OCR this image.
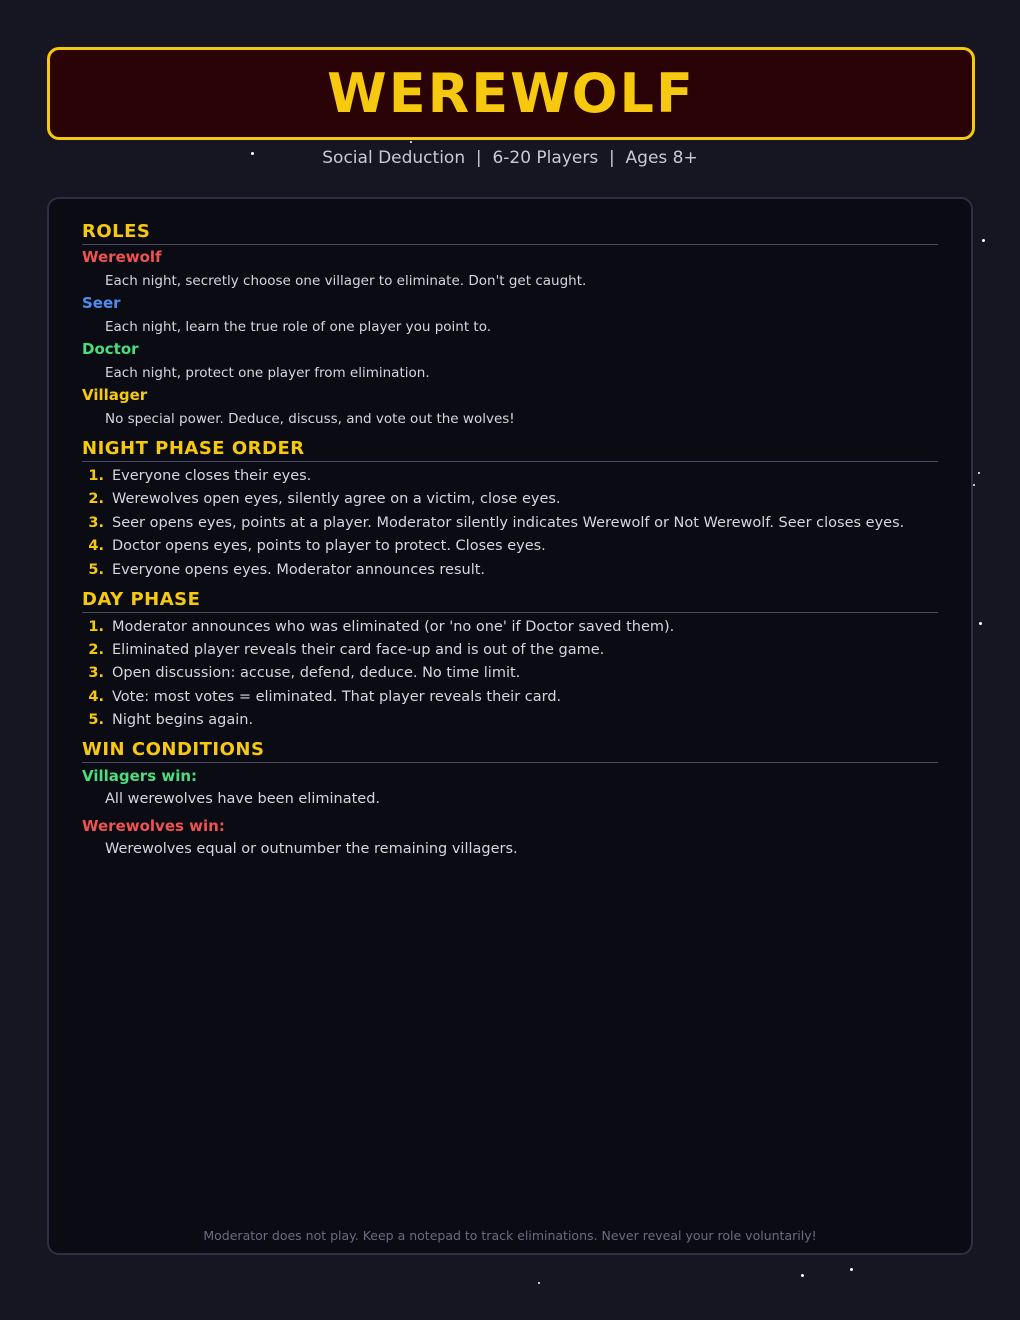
WEREWOLF
Social Deduction  |  6-20 Players  |  Ages 8+
ROLES
Werewolf
Each night, secretly choose one villager to eliminate. Don't get caught.
Seer
Each night, learn the true role of one player you point to.
Doctor
Each night, protect one player from elimination.
Villager
No special power. Deduce, discuss, and vote out the wolves!
NIGHT PHASE ORDER
1. Everyone closes their eyes.
2. Werewolves open eyes, silently agree on a victim, close eyes.
3. Seer opens eyes, points at a player. Moderator silently indicates Werewolf or Not Werewolf. Seer closes eyes.
4. Doctor opens eyes, points to player to protect. Closes eyes.
5. Everyone opens eyes. Moderator announces result.
DAY PHASE
1. Moderator announces who was eliminated (or 'no one' if Doctor saved them).
2. Eliminated player reveals their card face-up and is out of the game.
3. Open discussion: accuse, defend, deduce. No time limit.
4. Vote: most votes = eliminated. That player reveals their card.
5. Night begins again.
WIN CONDITIONS
Villagers win:
All werewolves have been eliminated.
Werewolves win:
Werewolves equal or outnumber the remaining villagers.
Moderator does not play. Keep a notepad to track eliminations. Never reveal your role voluntarily!
